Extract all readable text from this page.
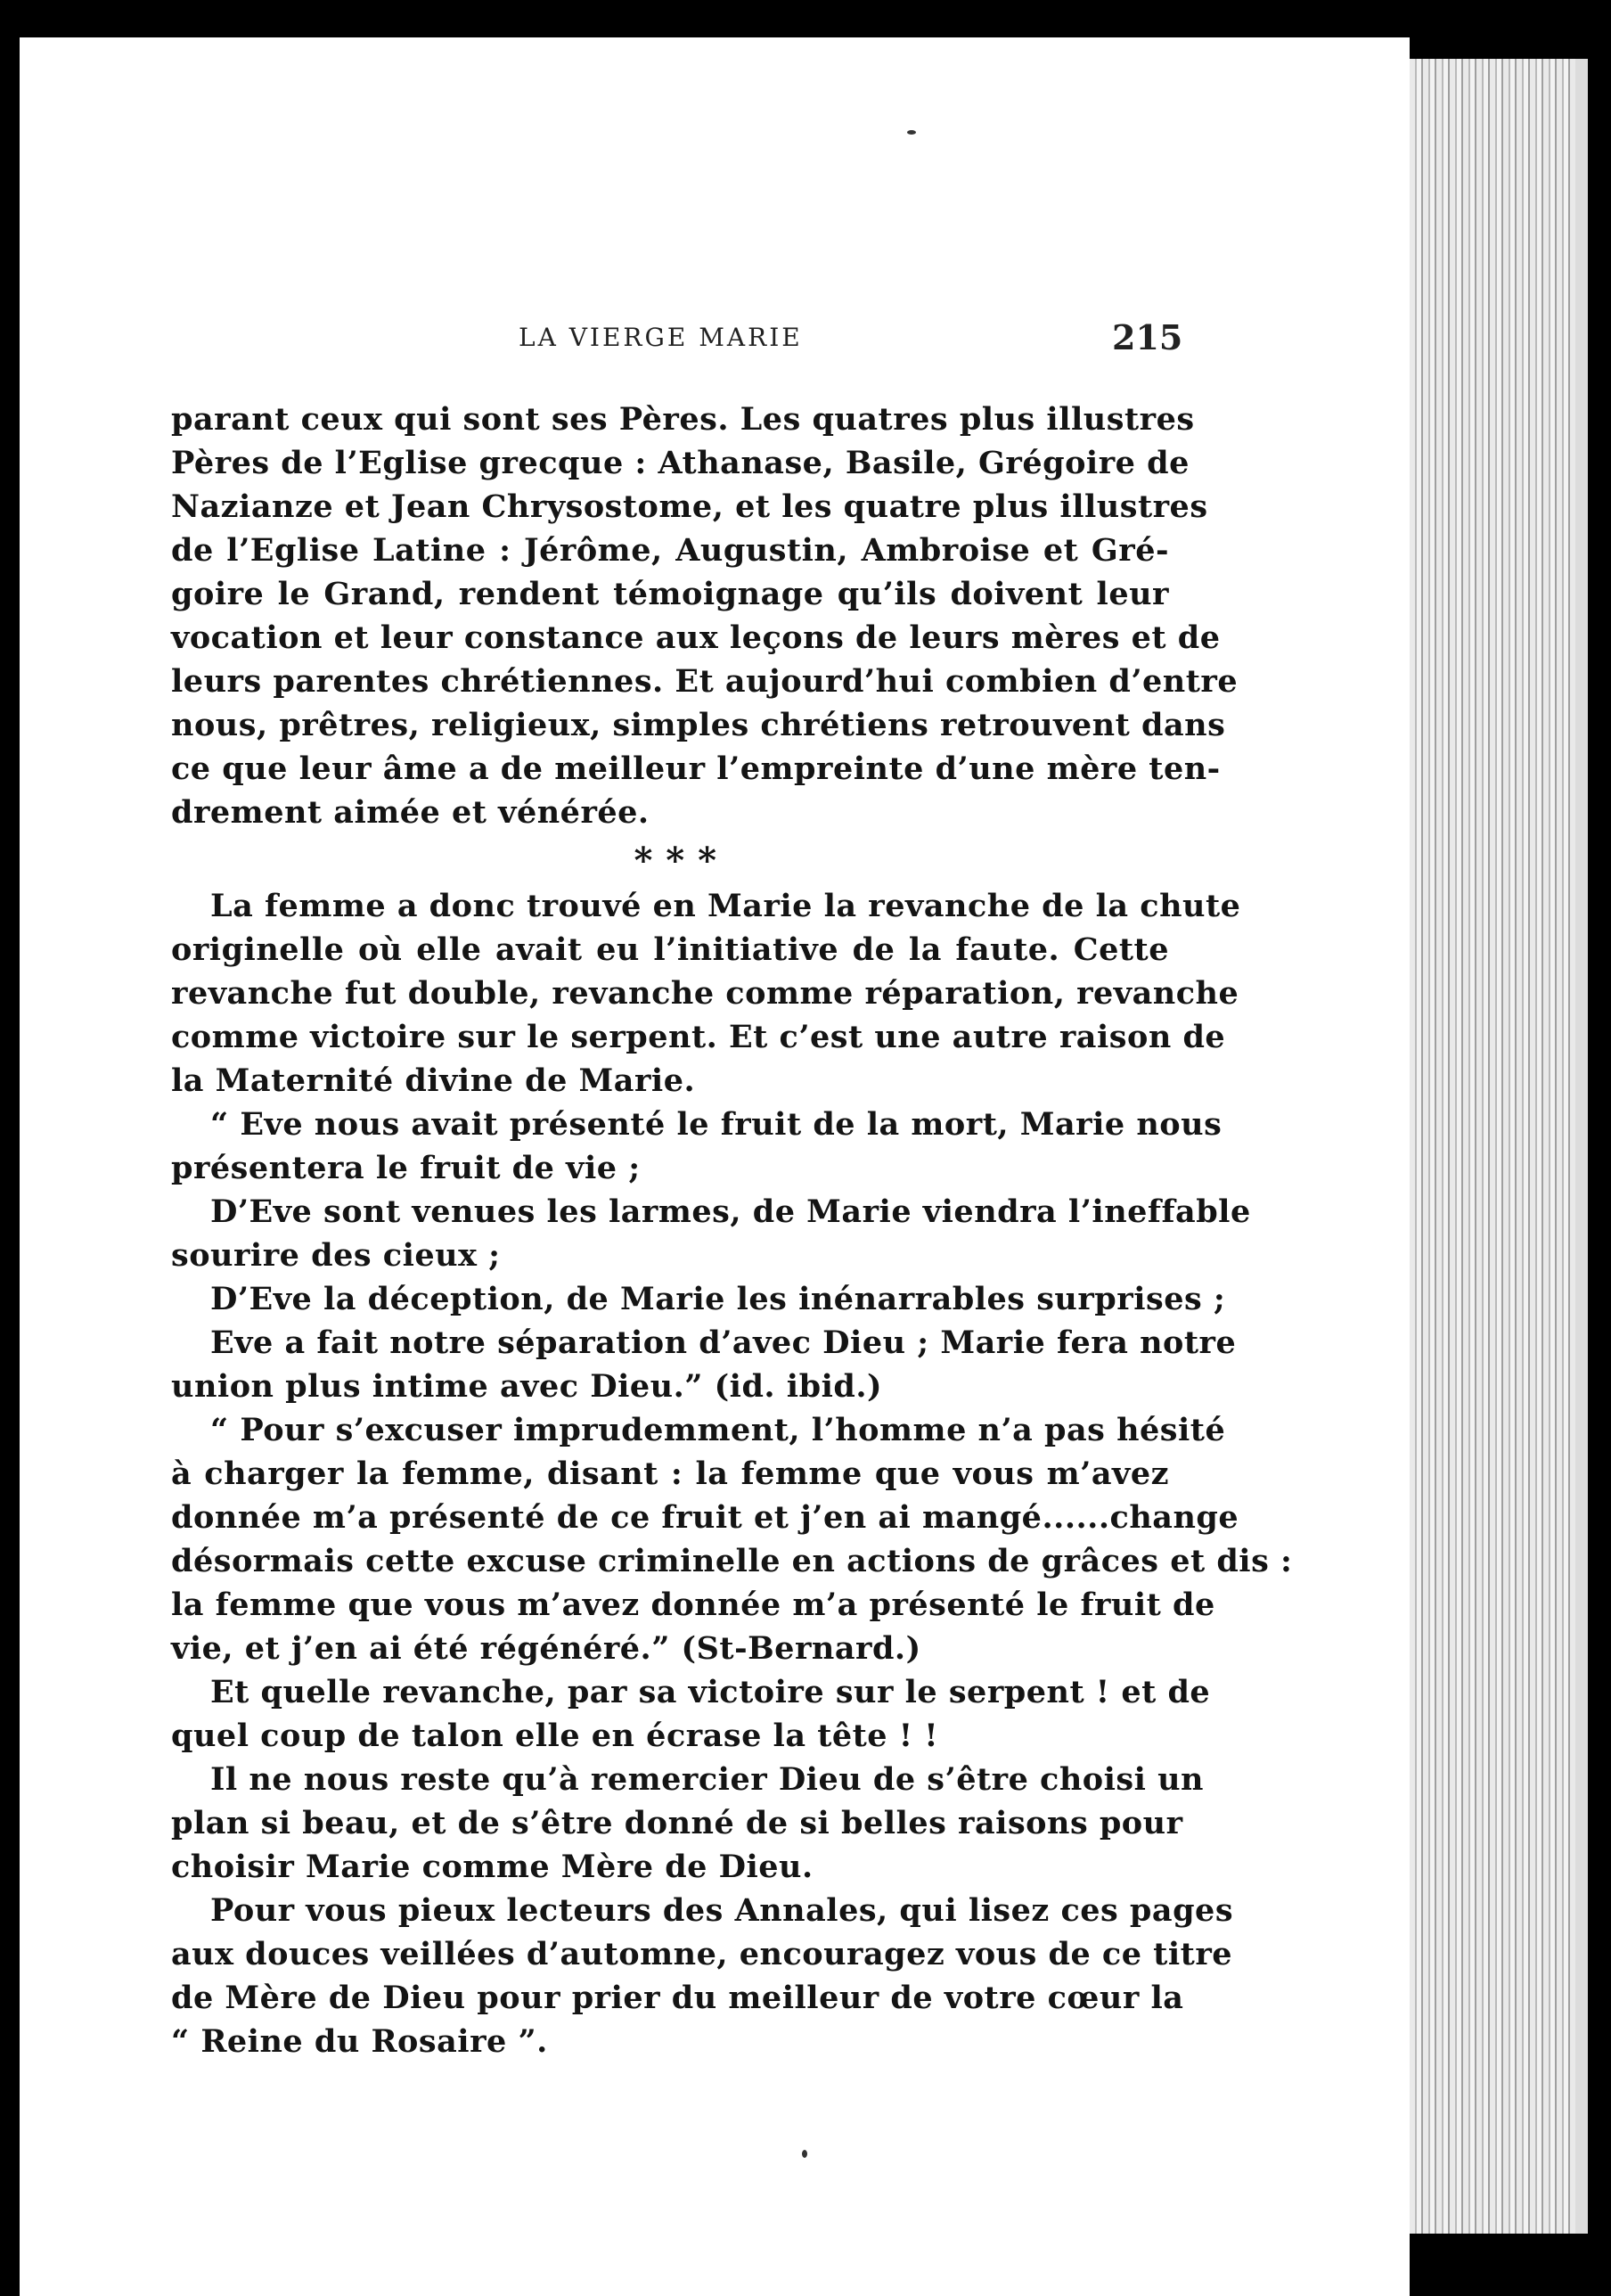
LA VIERGE MARIE	215
parant ceux qui sont ses Pères. Les quatres plus illustres
Pères de l’Eglise grecque : Athanase, Basile, Grégoire de
Nazianze et Jean Chrysostome, et les quatre plus illustres
de l’Eglise Latine : Jérôme, Augustin, Ambroise et Gré-
goire le Grand, rendent témoignage qu’ils doivent leur
vocation et leur constance aux leçons de leurs mères et de
leurs parentes chrétiennes. Et aujourd’hui combien d’entre
nous, prêtres, religieux, simples chrétiens retrouvent dans
ce que leur âme a de meilleur l’empreinte d’une mère ten-
drement aimée et vénérée.
* * *
La femme a donc trouvé en Marie la revanche de la chute
originelle où elle avait eu l’initiative de la faute. Cette
revanche fut double, revanche comme réparation, revanche
comme victoire sur le serpent. Et c’est une autre raison de
la Maternité divine de Marie.
“ Eve nous avait présenté le fruit de la mort, Marie nous
présentera le fruit de vie ;
D’Eve sont venues les larmes, de Marie viendra l’ineffable
sourire des cieux ;
D’Eve la déception, de Marie les inénarrables surprises ;
Eve a fait notre séparation d’avec Dieu ; Marie fera notre
union plus intime avec Dieu.” (id. ibid.)
“ Pour s’excuser imprudemment, l’homme n’a pas hésité
à charger la femme, disant : la femme que vous m’avez
donnée m’a présenté de ce fruit et j’en ai mangé......change
désormais cette excuse criminelle en actions de grâces et dis :
la femme que vous m’avez donnée m’a présenté le fruit de
vie, et j’en ai été régénéré.” (St-Bernard.)
Et quelle revanche, par sa victoire sur le serpent ! et de
quel coup de talon elle en écrase la tête ! !
Il ne nous reste qu’à remercier Dieu de s’être choisi un
plan si beau, et de s’être donné de si belles raisons pour
choisir Marie comme Mère de Dieu.
Pour vous pieux lecteurs des Annales, qui lisez ces pages
aux douces veillées d’automne, encouragez vous de ce titre
de Mère de Dieu pour prier du meilleur de votre cœur la
“ Reine du Rosaire ”.
